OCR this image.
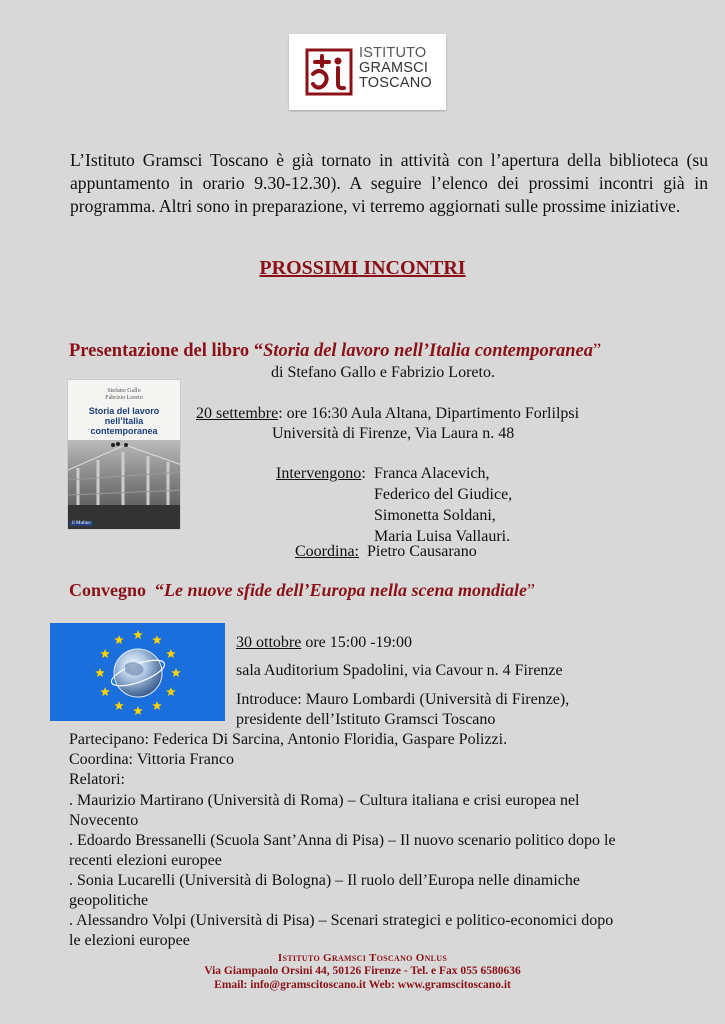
ISTITUTO
GRAMSCI
TOSCANO
L’Istituto Gramsci Toscano è già tornato in attività con l’apertura della biblioteca (su appuntamento in orario 9.30-12.30). A seguire l’elenco dei prossimi incontri già in programma. Altri sono in preparazione, vi terremo aggiornati sulle prossime iniziative.
PROSSIMI INCONTRI
Presentazione del libro “Storia del lavoro nell’Italia contemporanea”
di Stefano Gallo e Fabrizio Loreto.
Stefano Gallo
Fabrizio Loreto
Storia del lavoro
nell’Italia
contemporanea
il Mulino
20 settembre: ore 16:30 Aula Altana, Dipartimento Forlilpsi
Università di Firenze, Via Laura n. 48
Intervengono: Franca Alacevich,
Federico del Giudice,
Simonetta Soldani,
Maria Luisa Vallauri.
Coordina: Pietro Causarano
Convegno  “Le nuove sfide dell’Europa nella scena mondiale”
30 ottobre ore 15:00 -19:00
sala Auditorium Spadolini, via Cavour n. 4 Firenze
Introduce: Mauro Lombardi (Università di Firenze),
presidente dell’Istituto Gramsci Toscano
Partecipano: Federica Di Sarcina, Antonio Floridia, Gaspare Polizzi.
Coordina: Vittoria Franco
Relatori:
. Maurizio Martirano (Università di Roma) – Cultura italiana e crisi europea nel
Novecento
. Edoardo Bressanelli (Scuola Sant’Anna di Pisa) – Il nuovo scenario politico dopo le
recenti elezioni europee
. Sonia Lucarelli (Università di Bologna) – Il ruolo dell’Europa nelle dinamiche
geopolitiche
. Alessandro Volpi (Università di Pisa) – Scenari strategici e politico-economici dopo
le elezioni europee
Istituto Gramsci Toscano Onlus
Via Giampaolo Orsini 44, 50126 Firenze - Tel. e Fax 055 6580636
Email: info@gramscitoscano.it Web: www.gramscitoscano.it
